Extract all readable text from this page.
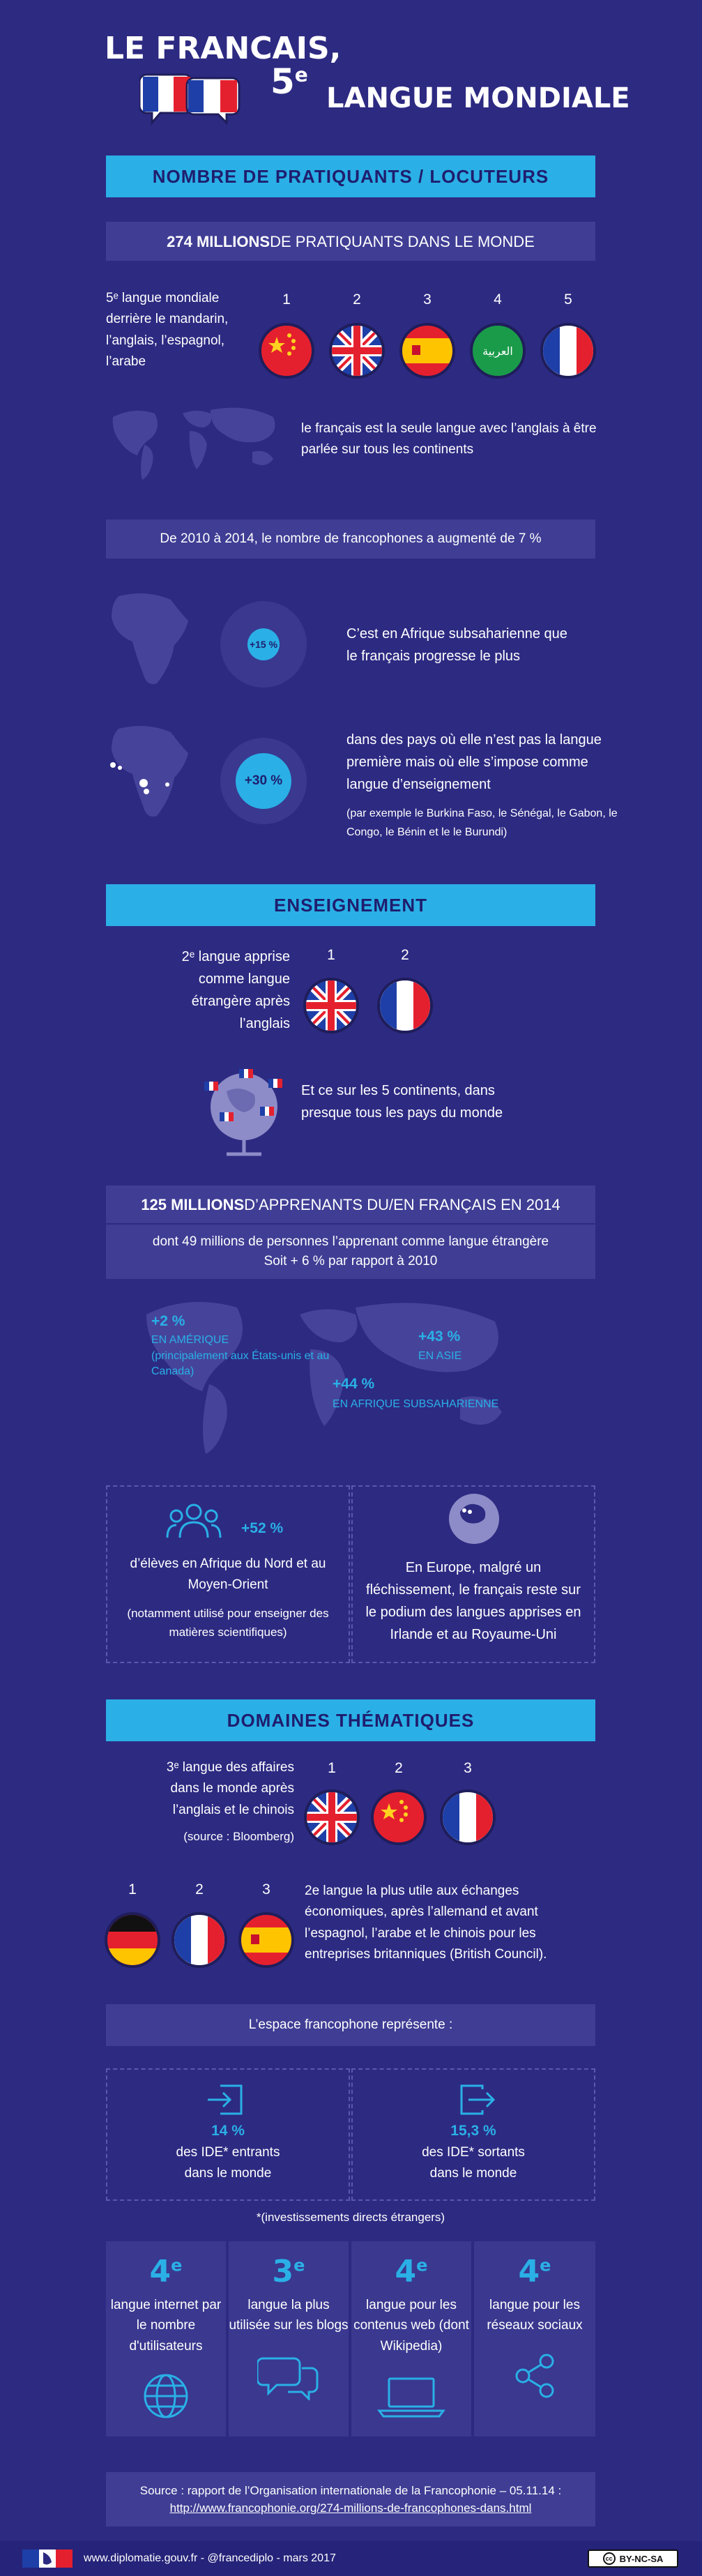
LE FRANCAIS,
5e
LANGUE MONDIALE
NOMBRE DE PRATIQUANTS / LOCUTEURS
274 MILLIONS DE PRATIQUANTS DANS LE MONDE
5ᵉ langue mondiale derrière le mandarin, l’anglais, l’espagnol, l’arabe
1	2	3	4	5
العربية
le français est la seule langue avec l’anglais à être parlée sur tous les continents
De 2010 à 2014, le nombre de francophones a augmenté de 7 %
+15 %
C’est en Afrique subsaharienne que le français progresse le plus
+30 %
dans des pays où elle n’est pas la langue première mais où elle s’impose comme langue d’enseignement
(par exemple le Burkina Faso, le Sénégal, le Gabon, le Congo, le Bénin et le le Burundi)
ENSEIGNEMENT
2ᵉ langue apprise comme langue étrangère après l’anglais
1	2
Et ce sur les 5 continents, dans presque tous les pays du monde
125 MILLIONS D’APPRENANTS DU/EN FRANÇAIS EN 2014
dont 49 millions de personnes l’apprenant comme langue étrangère
Soit + 6 % par rapport à 2010
+2 %
EN AMÉRIQUE
(principalement aux États-unis et au Canada)
+43 %
EN ASIE
+44 %
EN AFRIQUE SUBSAHARIENNE
+52 %
d’élèves en Afrique du Nord et au Moyen-Orient
(notamment utilisé pour enseigner des matières scientifiques)
En Europe, malgré un fléchissement, le français reste sur le podium des langues apprises en Irlande et au Royaume-Uni
DOMAINES THÉMATIQUES
3ᵉ langue des affaires dans le monde après l’anglais et le chinois
(source : Bloomberg)
1	2	3
1	2	3	2e langue la plus utile aux échanges économiques, après l’allemand et avant l’espagnol, l’arabe et le chinois pour les entreprises britanniques (British Council).
L’espace francophone représente :
14 %
des IDE* entrants
dans le monde
15,3 %
des IDE* sortants
dans le monde
*(investissements directs étrangers)
4e
langue internet par le nombre d'utilisateurs
3e
langue la plus utilisée sur les blogs
4e
langue pour les contenus web (dont Wikipedia)
4e
langue pour les réseaux sociaux
Source : rapport de l’Organisation internationale de la Francophonie – 05.11.14 :
http://www.francophonie.org/274-millions-de-francophones-dans.html
www.diplomatie.gouv.fr - @francediplo - mars 2017	cc BY-NC-SA
